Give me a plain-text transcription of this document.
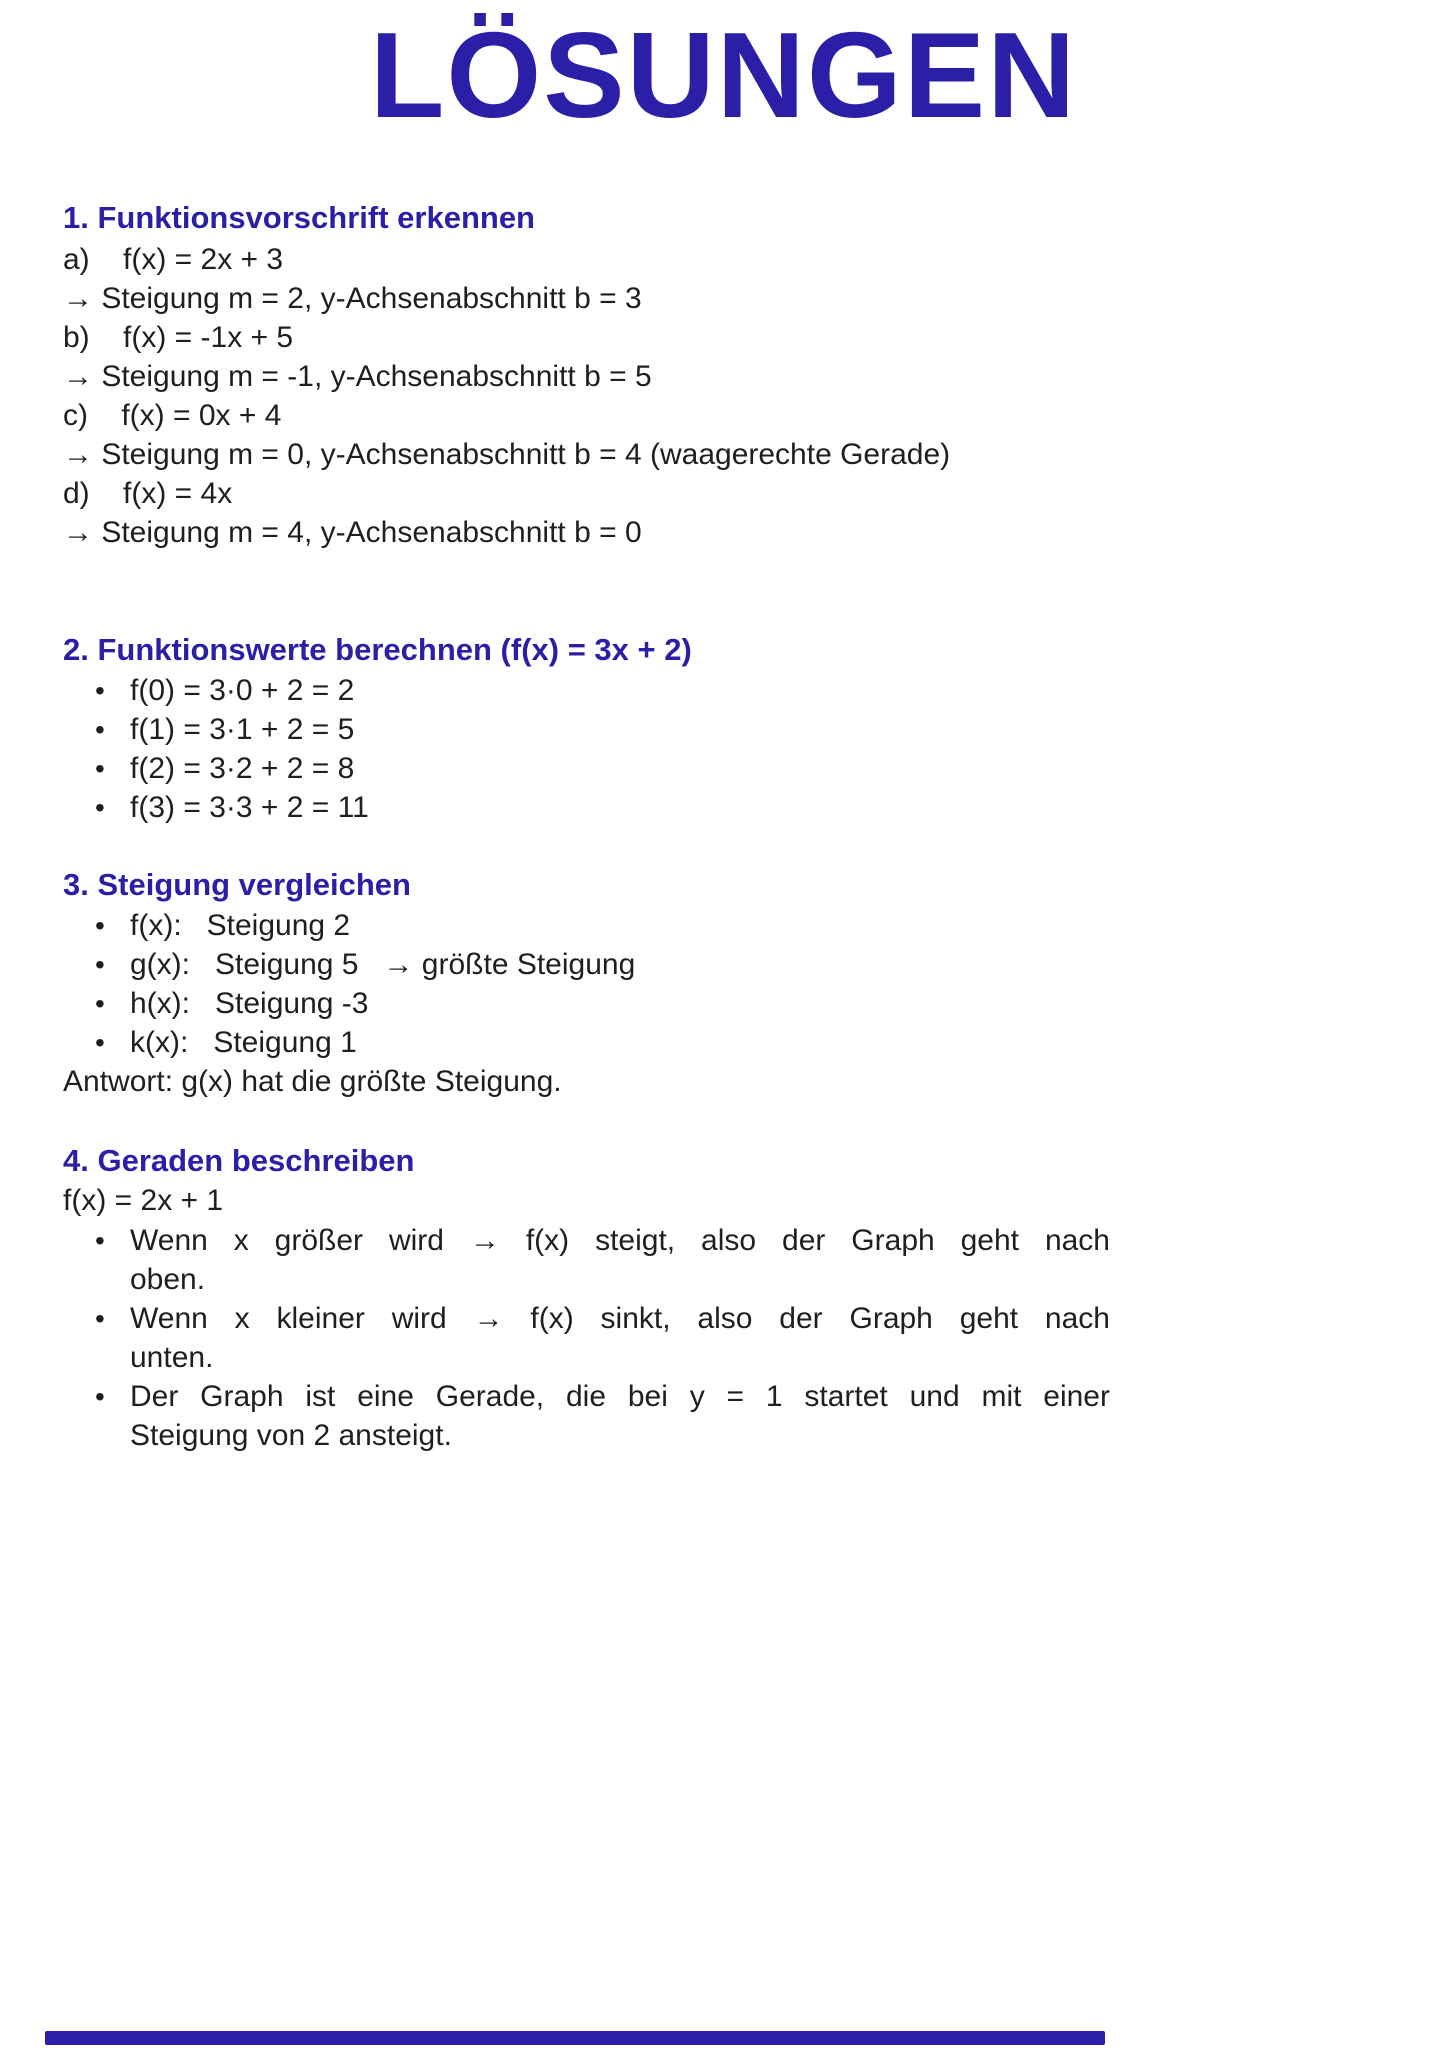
LÖSUNGEN
1. Funktionsvorschrift erkennen
a)    f(x) = 2x + 3
→ Steigung m = 2, y-Achsenabschnitt b = 3
b)    f(x) = -1x + 5
→ Steigung m = -1, y-Achsenabschnitt b = 5
c)    f(x) = 0x + 4
→ Steigung m = 0, y-Achsenabschnitt b = 4 (waagerechte Gerade)
d)    f(x) = 4x
→ Steigung m = 4, y-Achsenabschnitt b = 0
2. Funktionswerte berechnen (f(x) = 3x + 2)
• f(0) = 3·0 + 2 = 2
• f(1) = 3·1 + 2 = 5
• f(2) = 3·2 + 2 = 8
• f(3) = 3·3 + 2 = 11
3. Steigung vergleichen
• f(x):   Steigung 2
• g(x):   Steigung 5   → größte Steigung
• h(x):   Steigung -3
• k(x):   Steigung 1
Antwort: g(x) hat die größte Steigung.
4. Geraden beschreiben
f(x) = 2x + 1
• Wenn x größer wird → f(x) steigt, also der Graph geht nach
oben.
• Wenn x kleiner wird → f(x) sinkt, also der Graph geht nach
unten.
• Der Graph ist eine Gerade, die bei y = 1 startet und mit einer
Steigung von 2 ansteigt.
